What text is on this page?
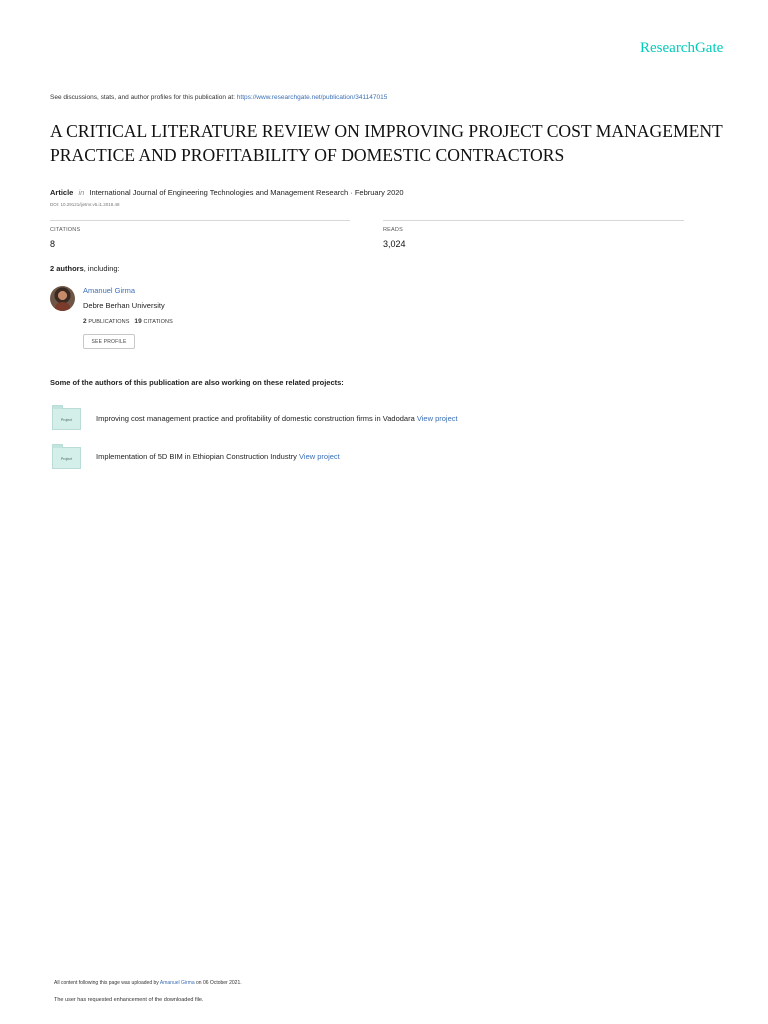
ResearchGate
See discussions, stats, and author profiles for this publication at: https://www.researchgate.net/publication/341147015
A CRITICAL LITERATURE REVIEW ON IMPROVING PROJECT COST MANAGEMENT PRACTICE AND PROFITABILITY OF DOMESTIC CONTRACTORS
Article in International Journal of Engineering Technologies and Management Research · February 2020
DOI: 10.29121/ijetmr.v5.i1.2018.48
CITATIONS
8
READS
3,024
2 authors, including:
Amanuel Girma
Debre Berhan University
2 PUBLICATIONS 19 CITATIONS
SEE PROFILE
Some of the authors of this publication are also working on these related projects:
Project	Improving cost management practice and profitability of domestic construction firms in Vadodara View project
Project	Implementation of 5D BIM in Ethiopian Construction Industry View project
All content following this page was uploaded by Amanuel Girma on 06 October 2021.
The user has requested enhancement of the downloaded file.
